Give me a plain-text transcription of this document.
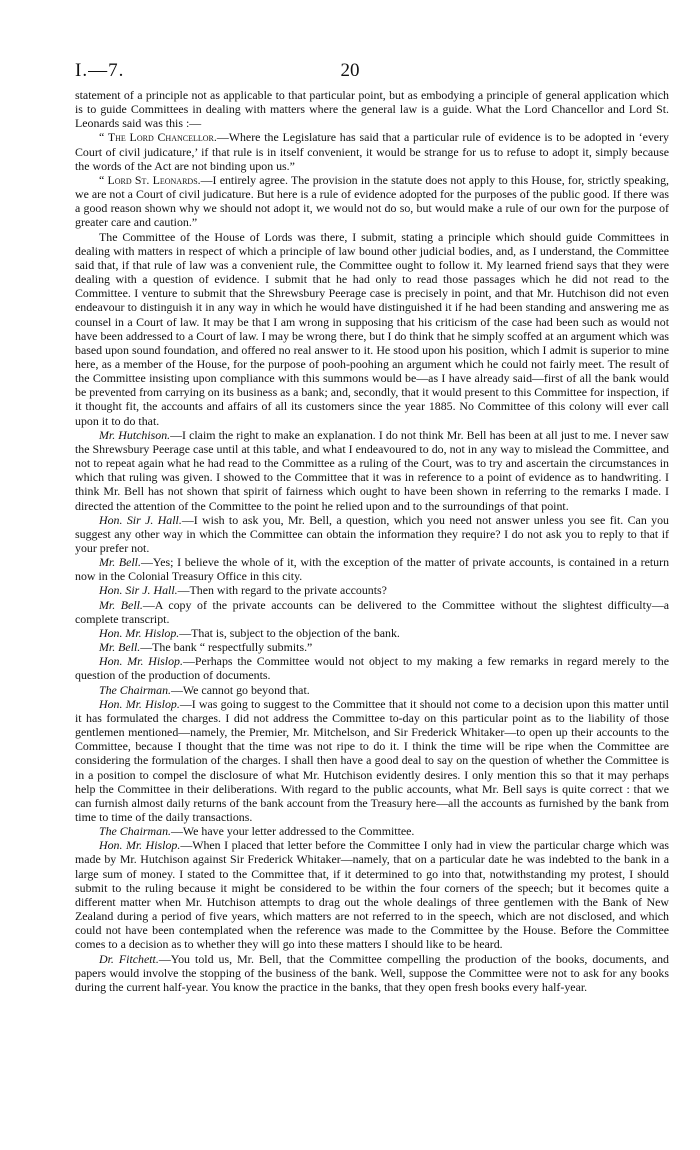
I.—7.	20

statement of a principle not as applicable to that particular point, but as embodying a principle of general application which is to guide Committees in dealing with matters where the general law is a guide. What the Lord Chancellor and Lord St. Leonards said was this :—

“ The Lord Chancellor.—Where the Legislature has said that a particular rule of evidence is to be adopted in ‘every Court of civil judicature,’ if that rule is in itself convenient, it would be strange for us to refuse to adopt it, simply because the words of the Act are not binding upon us.”

“ Lord St. Leonards.—I entirely agree. The provision in the statute does not apply to this House, for, strictly speaking, we are not a Court of civil judicature. But here is a rule of evidence adopted for the purposes of the public good. If there was a good reason shown why we should not adopt it, we would not do so, but would make a rule of our own for the purpose of greater care and caution.”

The Committee of the House of Lords was there, I submit, stating a principle which should guide Committees in dealing with matters in respect of which a principle of law bound other judicial bodies, and, as I understand, the Committee said that, if that rule of law was a convenient rule, the Committee ought to follow it. My learned friend says that they were dealing with a question of evidence. I submit that he had only to read those passages which he did not read to the Committee. I venture to submit that the Shrewsbury Peerage case is precisely in point, and that Mr. Hutchison did not even endeavour to distinguish it in any way in which he would have distinguished it if he had been standing and answering me as counsel in a Court of law. It may be that I am wrong in supposing that his criticism of the case had been such as would not have been addressed to a Court of law. I may be wrong there, but I do think that he simply scoffed at an argument which was based upon sound foundation, and offered no real answer to it. He stood upon his position, which I admit is superior to mine here, as a member of the House, for the purpose of pooh-poohing an argument which he could not fairly meet. The result of the Committee insisting upon compliance with this summons would be—as I have already said—first of all the bank would be prevented from carrying on its business as a bank; and, secondly, that it would present to this Committee for inspection, if it thought fit, the accounts and affairs of all its customers since the year 1885. No Committee of this colony will ever call upon it to do that.

Mr. Hutchison.—I claim the right to make an explanation. I do not think Mr. Bell has been at all just to me. I never saw the Shrewsbury Peerage case until at this table, and what I endeavoured to do, not in any way to mislead the Committee, and not to repeat again what he had read to the Committee as a ruling of the Court, was to try and ascertain the circumstances in which that ruling was given. I showed to the Committee that it was in reference to a point of evidence as to handwriting. I think Mr. Bell has not shown that spirit of fairness which ought to have been shown in referring to the remarks I made. I directed the attention of the Committee to the point he relied upon and to the surroundings of that point.

Hon. Sir J. Hall.—I wish to ask you, Mr. Bell, a question, which you need not answer unless you see fit. Can you suggest any other way in which the Committee can obtain the information they require? I do not ask you to reply to that if your prefer not.

Mr. Bell.—Yes; I believe the whole of it, with the exception of the matter of private accounts, is contained in a return now in the Colonial Treasury Office in this city.

Hon. Sir J. Hall.—Then with regard to the private accounts?

Mr. Bell.—A copy of the private accounts can be delivered to the Committee without the slightest difficulty—a complete transcript.

Hon. Mr. Hislop.—That is, subject to the objection of the bank.

Mr. Bell.—The bank “ respectfully submits.”

Hon. Mr. Hislop.—Perhaps the Committee would not object to my making a few remarks in regard merely to the question of the production of documents.

The Chairman.—We cannot go beyond that.

Hon. Mr. Hislop.—I was going to suggest to the Committee that it should not come to a decision upon this matter until it has formulated the charges. I did not address the Committee to-day on this particular point as to the liability of those gentlemen mentioned—namely, the Premier, Mr. Mitchelson, and Sir Frederick Whitaker—to open up their accounts to the Committee, because I thought that the time was not ripe to do it. I think the time will be ripe when the Committee are considering the formulation of the charges. I shall then have a good deal to say on the question of whether the Committee is in a position to compel the disclosure of what Mr. Hutchison evidently desires. I only mention this so that it may perhaps help the Committee in their deliberations. With regard to the public accounts, what Mr. Bell says is quite correct : that we can furnish almost daily returns of the bank account from the Treasury here—all the accounts as furnished by the bank from time to time of the daily transactions.

The Chairman.—We have your letter addressed to the Committee.

Hon. Mr. Hislop.—When I placed that letter before the Committee I only had in view the particular charge which was made by Mr. Hutchison against Sir Frederick Whitaker—namely, that on a particular date he was indebted to the bank in a large sum of money. I stated to the Committee that, if it determined to go into that, notwithstanding my protest, I should submit to the ruling because it might be considered to be within the four corners of the speech; but it becomes quite a different matter when Mr. Hutchison attempts to drag out the whole dealings of three gentlemen with the Bank of New Zealand during a period of five years, which matters are not referred to in the speech, which are not disclosed, and which could not have been contemplated when the reference was made to the Committee by the House. Before the Committee comes to a decision as to whether they will go into these matters I should like to be heard.

Dr. Fitchett.—You told us, Mr. Bell, that the Committee compelling the production of the books, documents, and papers would involve the stopping of the business of the bank. Well, suppose the Committee were not to ask for any books during the current half-year. You know the practice in the banks, that they open fresh books every half-year.
